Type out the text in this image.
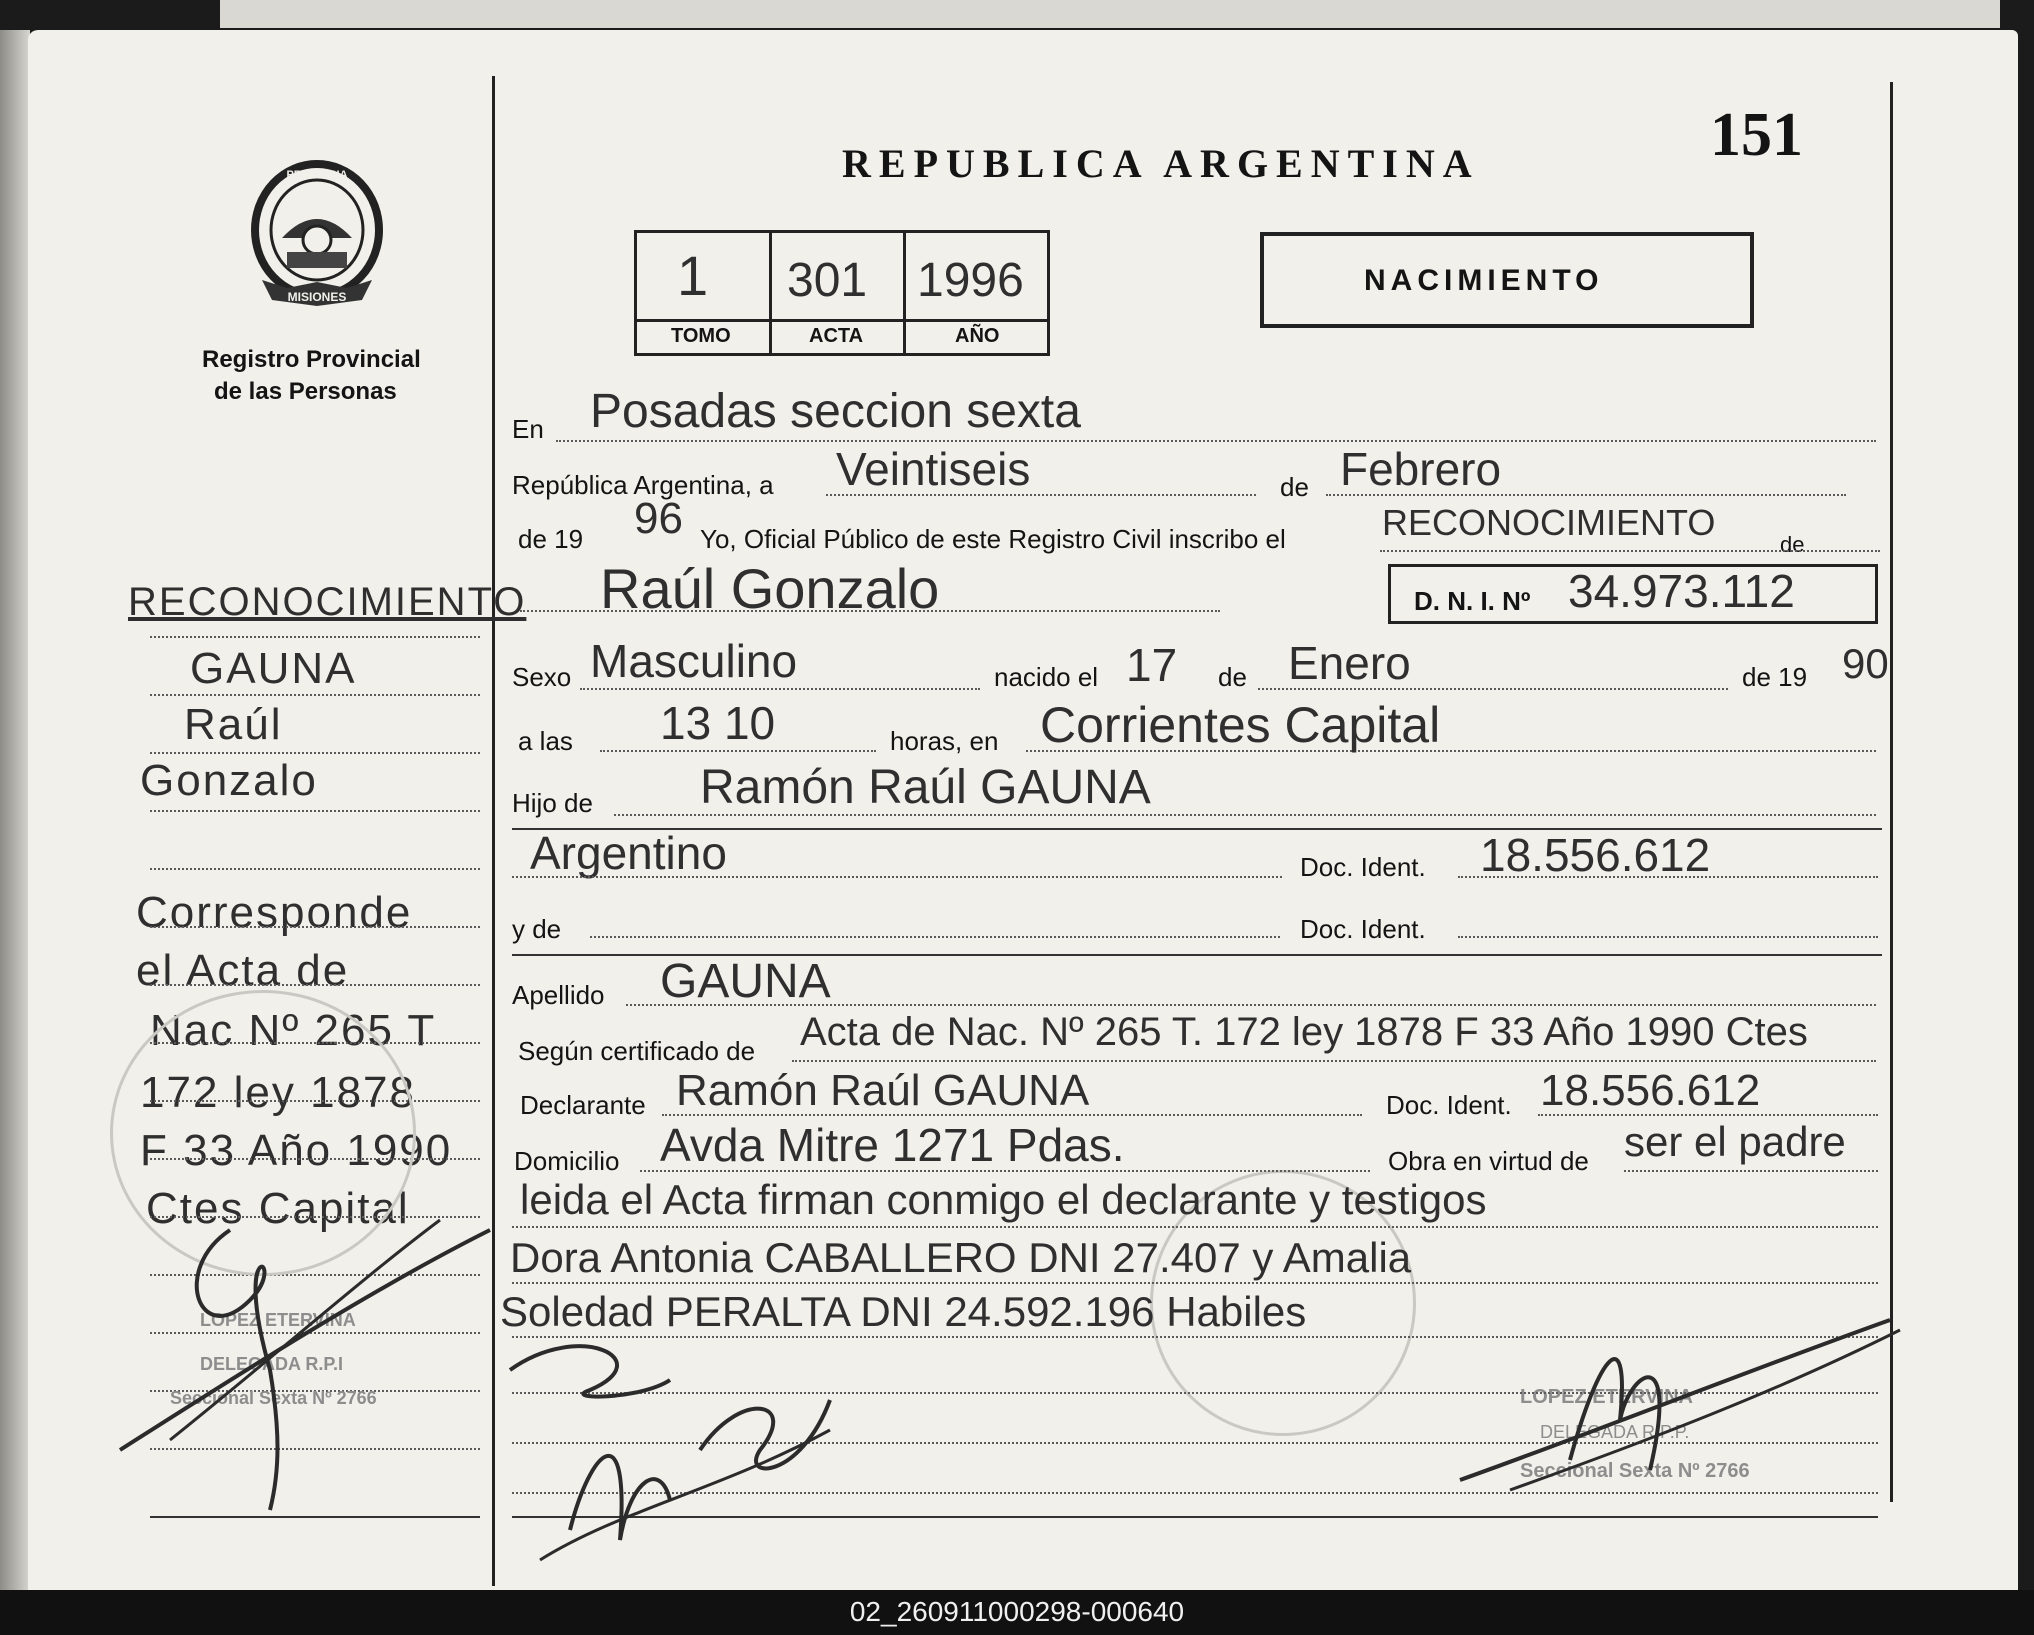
151
REPUBLICA ARGENTINA
PROVINCIA
MISIONES
Registro Provincial
de las Personas
1 301 1996
TOMO	ACTA	AÑO
NACIMIENTO
RECONOCIMIENTO
GAUNA
Raúl
Gonzalo
Corresponde
el Acta de
Nac Nº 265 T
172 ley 1878
F 33 Año 1990
Ctes Capital
LOPEZ ETERVINA
DELEGADA R.P.I
Seccional Sexta Nº 2766	LOPEZ ETERVINA
DELEGADA R.P.P.
Seccional Sexta Nº 2766
En Posadas seccion sexta
República Argentina, a Veintiseis	de Febrero
de 19 96 Yo, Oficial Público de este Registro Civil inscribo el	RECONOCIMIENTO
de
Raúl Gonzalo	D. N. I. Nº 34.973.112
Sexo Masculino	nacido el 17 de Enero	de 19 90
a las 13 10	horas, en Corrientes Capital
Hijo de Ramón Raúl GAUNA
Argentino	Doc. Ident. 18.556.612
y de	Doc. Ident.
Apellido GAUNA
Según certificado de Acta de Nac. Nº 265 T. 172 ley 1878 F 33 Año 1990 Ctes
Declarante Ramón Raúl GAUNA	Doc. Ident. 18.556.612
Domicilio Avda Mitre 1271 Pdas.	Obra en virtud de ser el padre
leida el Acta firman conmigo el declarante y testigos
Dora Antonia CABALLERO DNI 27.407 y Amalia
Soledad PERALTA DNI 24.592.196 Habiles
02_260911000298-000640
